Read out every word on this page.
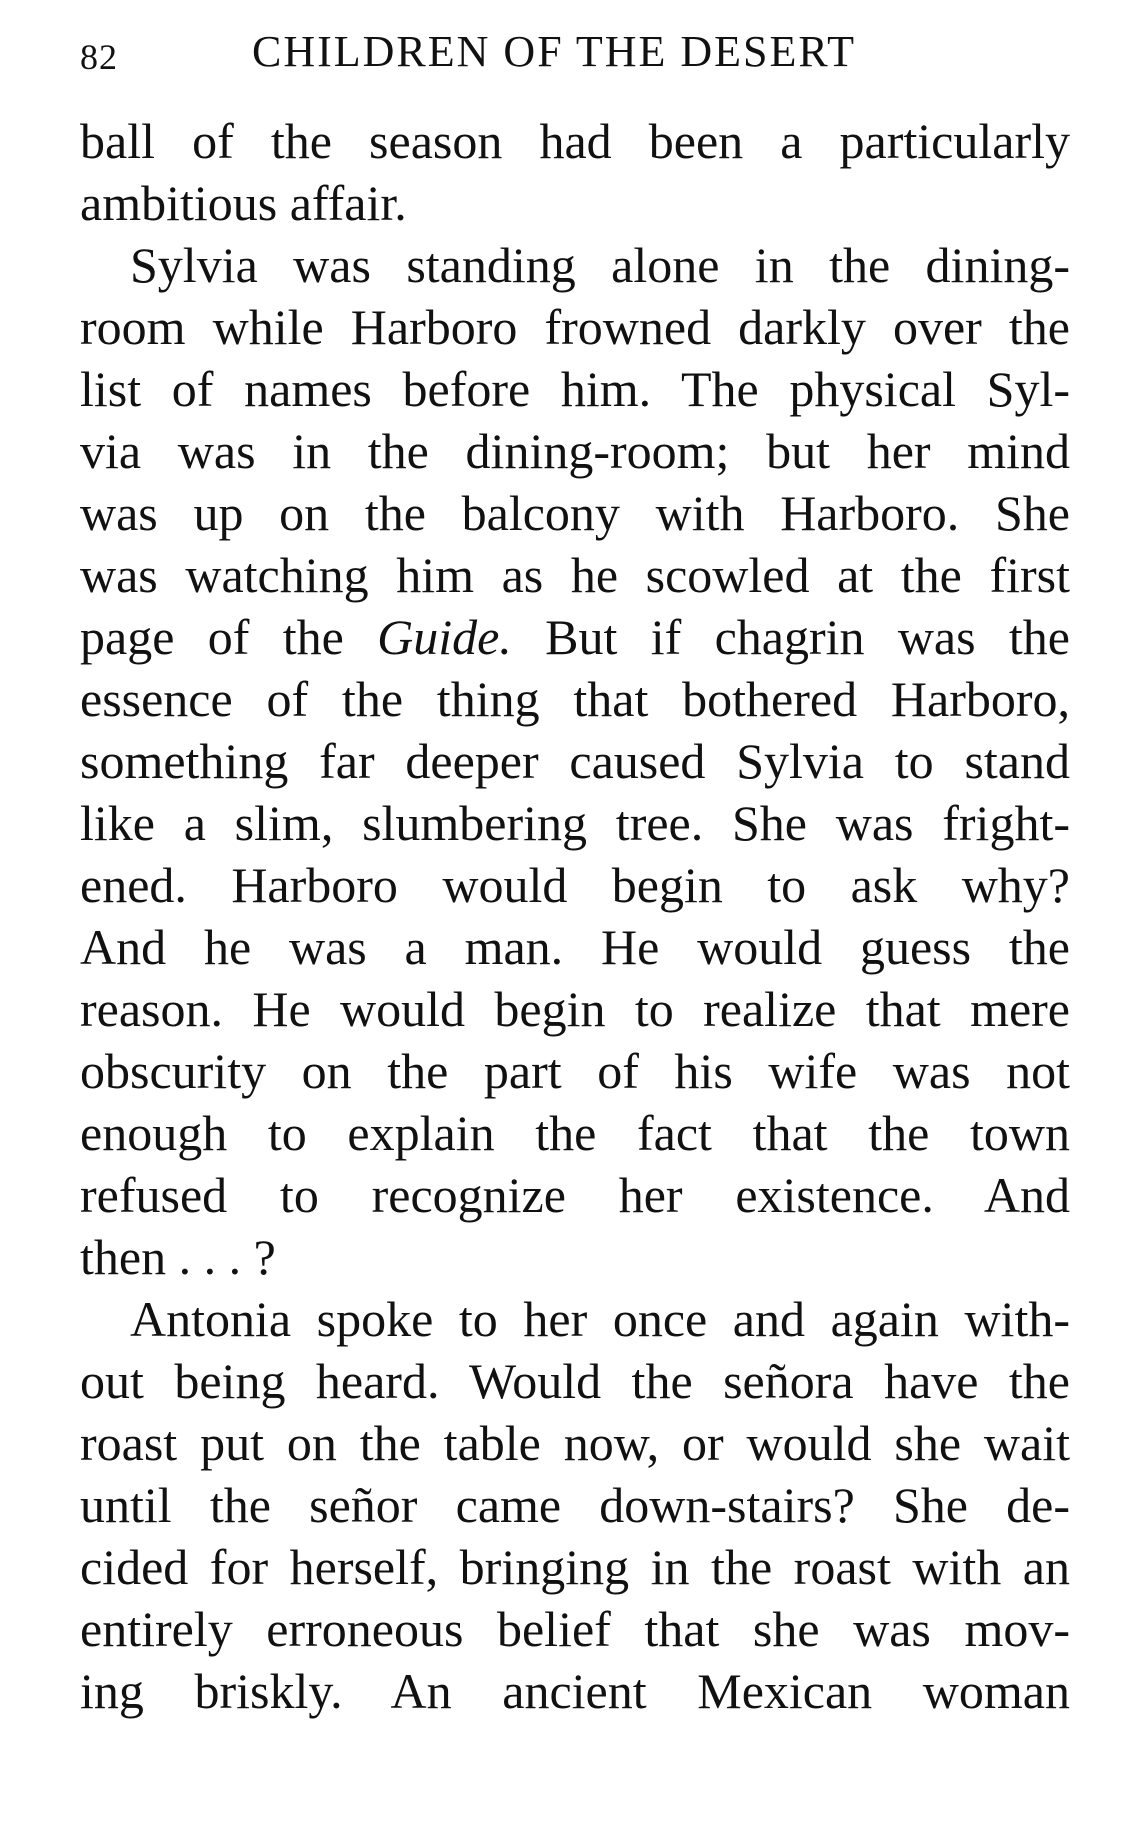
82	CHILDREN OF THE DESERT

ball of the season had been a particularly
ambitious affair.

Sylvia was standing alone in the dining-
room while Harboro frowned darkly over the
list of names before him. The physical Syl-
via was in the dining-room; but her mind
was up on the balcony with Harboro. She
was watching him as he scowled at the first
page of the Guide. But if chagrin was the
essence of the thing that bothered Harboro,
something far deeper caused Sylvia to stand
like a slim, slumbering tree. She was fright-
ened. Harboro would begin to ask why?
And he was a man. He would guess the
reason. He would begin to realize that mere
obscurity on the part of his wife was not
enough to explain the fact that the town
refused to recognize her existence. And
then . . . ?

Antonia spoke to her once and again with-
out being heard. Would the señora have the
roast put on the table now, or would she wait
until the señor came down-stairs? She de-
cided for herself, bringing in the roast with an
entirely erroneous belief that she was mov-
ing briskly. An ancient Mexican woman
